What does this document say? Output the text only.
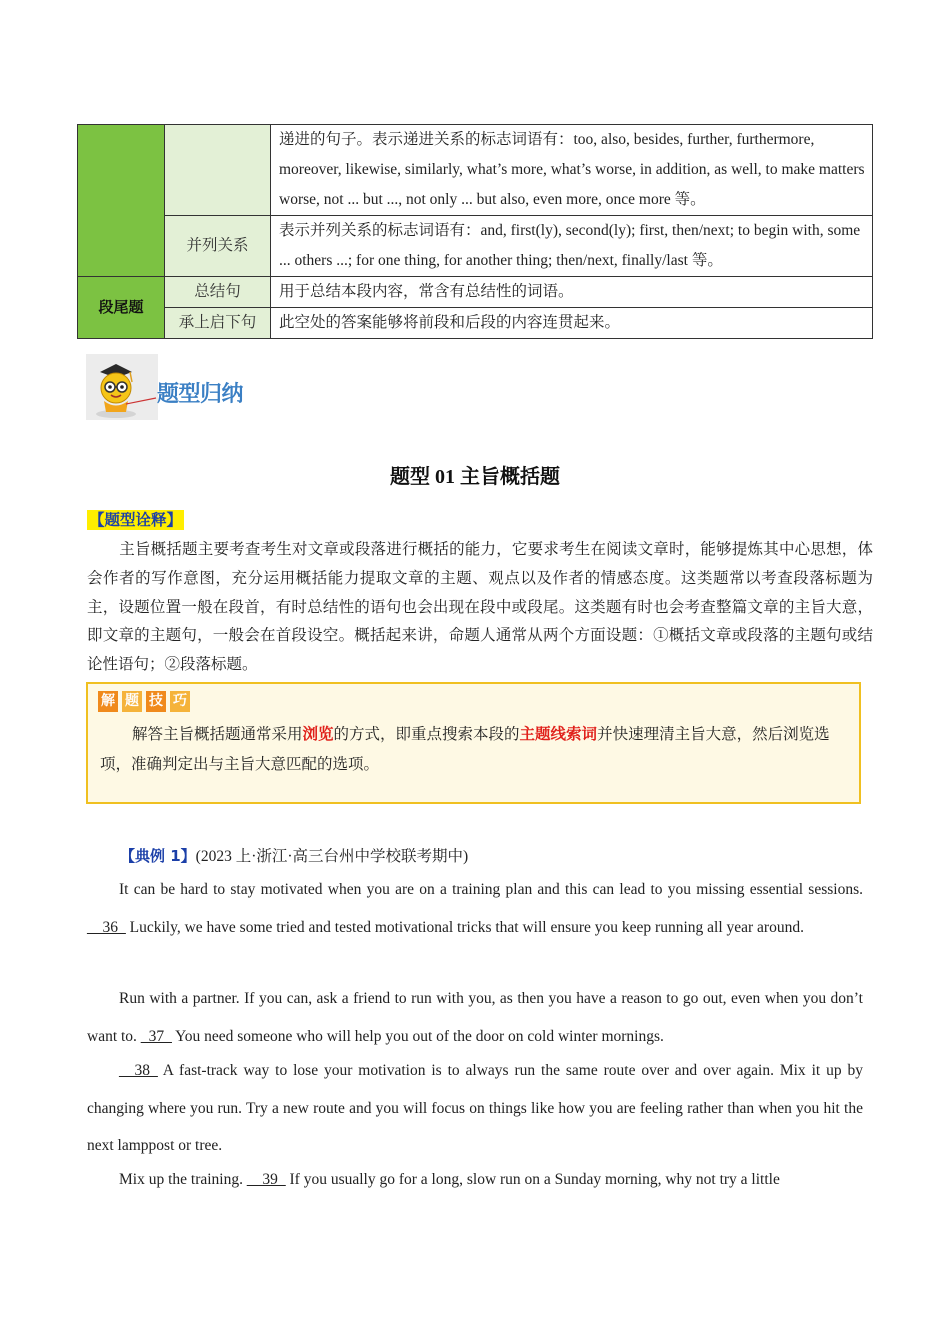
		递进的句子。表示递进关系的标志词语有：too, also, besides, further, furthermore, moreover, likewise, similarly, what’s more, what’s worse, in addition, as well, to make matters worse, not ... but ..., not only ... but also, even more, once more 等。
	并列关系	表示并列关系的标志词语有：and, first(ly), second(ly); first, then/next; to begin with, some ... others ...; for one thing, for another thing; then/next, finally/last 等。
段尾题	总结句	用于总结本段内容，常含有总结性的词语。
	承上启下句	此空处的答案能够将前段和后段的内容连贯起来。
题型归纳
题型 01 主旨概括题
【题型诠释】
主旨概括题主要考查考生对文章或段落进行概括的能力，它要求考生在阅读文章时，能够提炼其中心思想，体会作者的写作意图，充分运用概括能力提取文章的主题、观点以及作者的情感态度。这类题常以考查段落标题为主，设题位置一般在段首，有时总结性的语句也会出现在段中或段尾。这类题有时也会考查整篇文章的主旨大意，即文章的主题句，一般会在首段设空。概括起来讲，命题人通常从两个方面设题：①概括文章或段落的主题句或结论性语句；②段落标题。
解 题 技 巧
解答主旨概括题通常采用浏览的方式，即重点搜索本段的主题线索词并快速理清主旨大意，然后浏览选项，准确判定出与主旨大意匹配的选项。
【典例 1】(2023 上·浙江·高三台州中学校联考期中)
It can be hard to stay motivated when you are on a training plan and this can lead to you missing essential sessions. __36_ Luckily, we have some tried and tested motivational tricks that will ensure you keep running all year around.
Run with a partner. If you can, ask a friend to run with you, as then you have a reason to go out, even when you don’t want to. _37_ You need someone who will help you out of the door on cold winter mornings.
__38_ A fast-track way to lose your motivation is to always run the same route over and over again. Mix it up by changing where you run. Try a new route and you will focus on things like how you are feeling rather than when you hit the next lamppost or tree.
Mix up the training. __39_ If you usually go for a long, slow run on a Sunday morning, why not try a little
